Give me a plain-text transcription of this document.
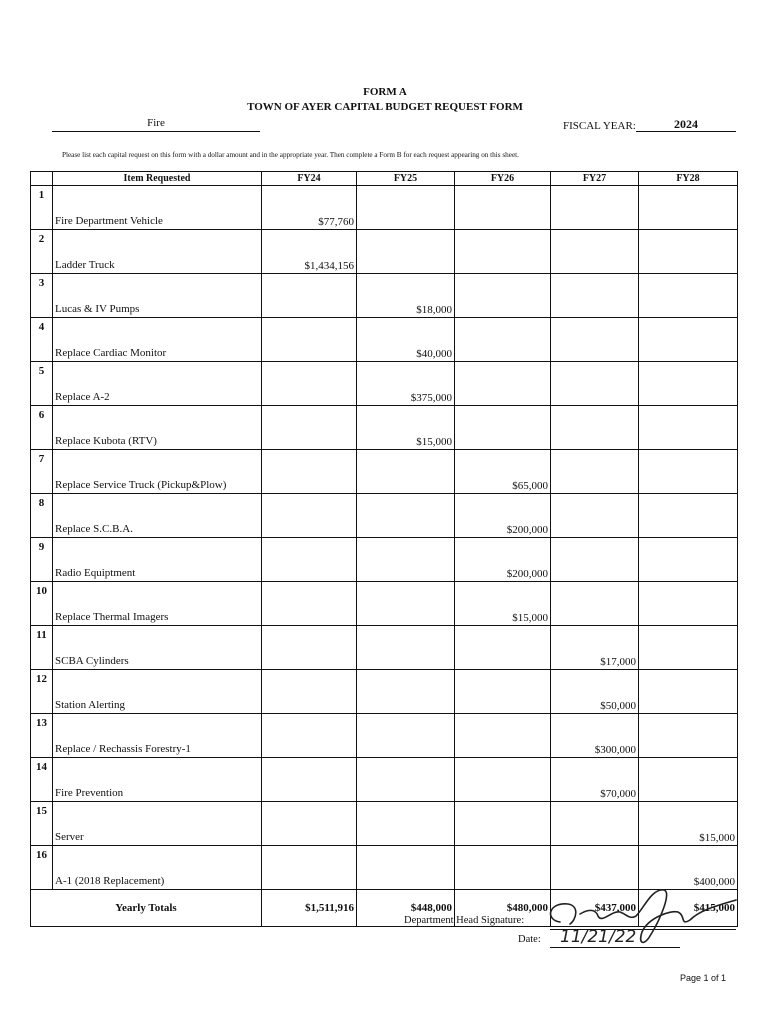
FORM A
TOWN OF AYER CAPITAL BUDGET REQUEST FORM
Fire	FISCAL YEAR:	2024
Please list each capital request on this form with a dollar amount and in the appropriate year. Then complete a Form B for each request appearing on this sheet.
	Item Requested	FY24	FY25	FY26	FY27	FY28
1	Fire Department Vehicle	$77,760				
2	Ladder Truck	$1,434,156				
3	Lucas & IV Pumps		$18,000			
4	Replace Cardiac Monitor		$40,000			
5	Replace A-2		$375,000			
6	Replace Kubota (RTV)		$15,000			
7	Replace Service Truck (Pickup&Plow)			$65,000		
8	Replace S.C.B.A.			$200,000		
9	Radio Equiptment			$200,000		
10	Replace Thermal Imagers			$15,000		
11	SCBA Cylinders				$17,000	
12	Station Alerting				$50,000	
13	Replace / Rechassis Forestry-1				$300,000	
14	Fire Prevention				$70,000	
15	Server					$15,000
16	A-1 (2018 Replacement)					$400,000
Yearly Totals		$1,511,916	$448,000	$480,000	$437,000	$415,000
Department Head Signature:
Date: 11/21/22
Page 1 of 1
